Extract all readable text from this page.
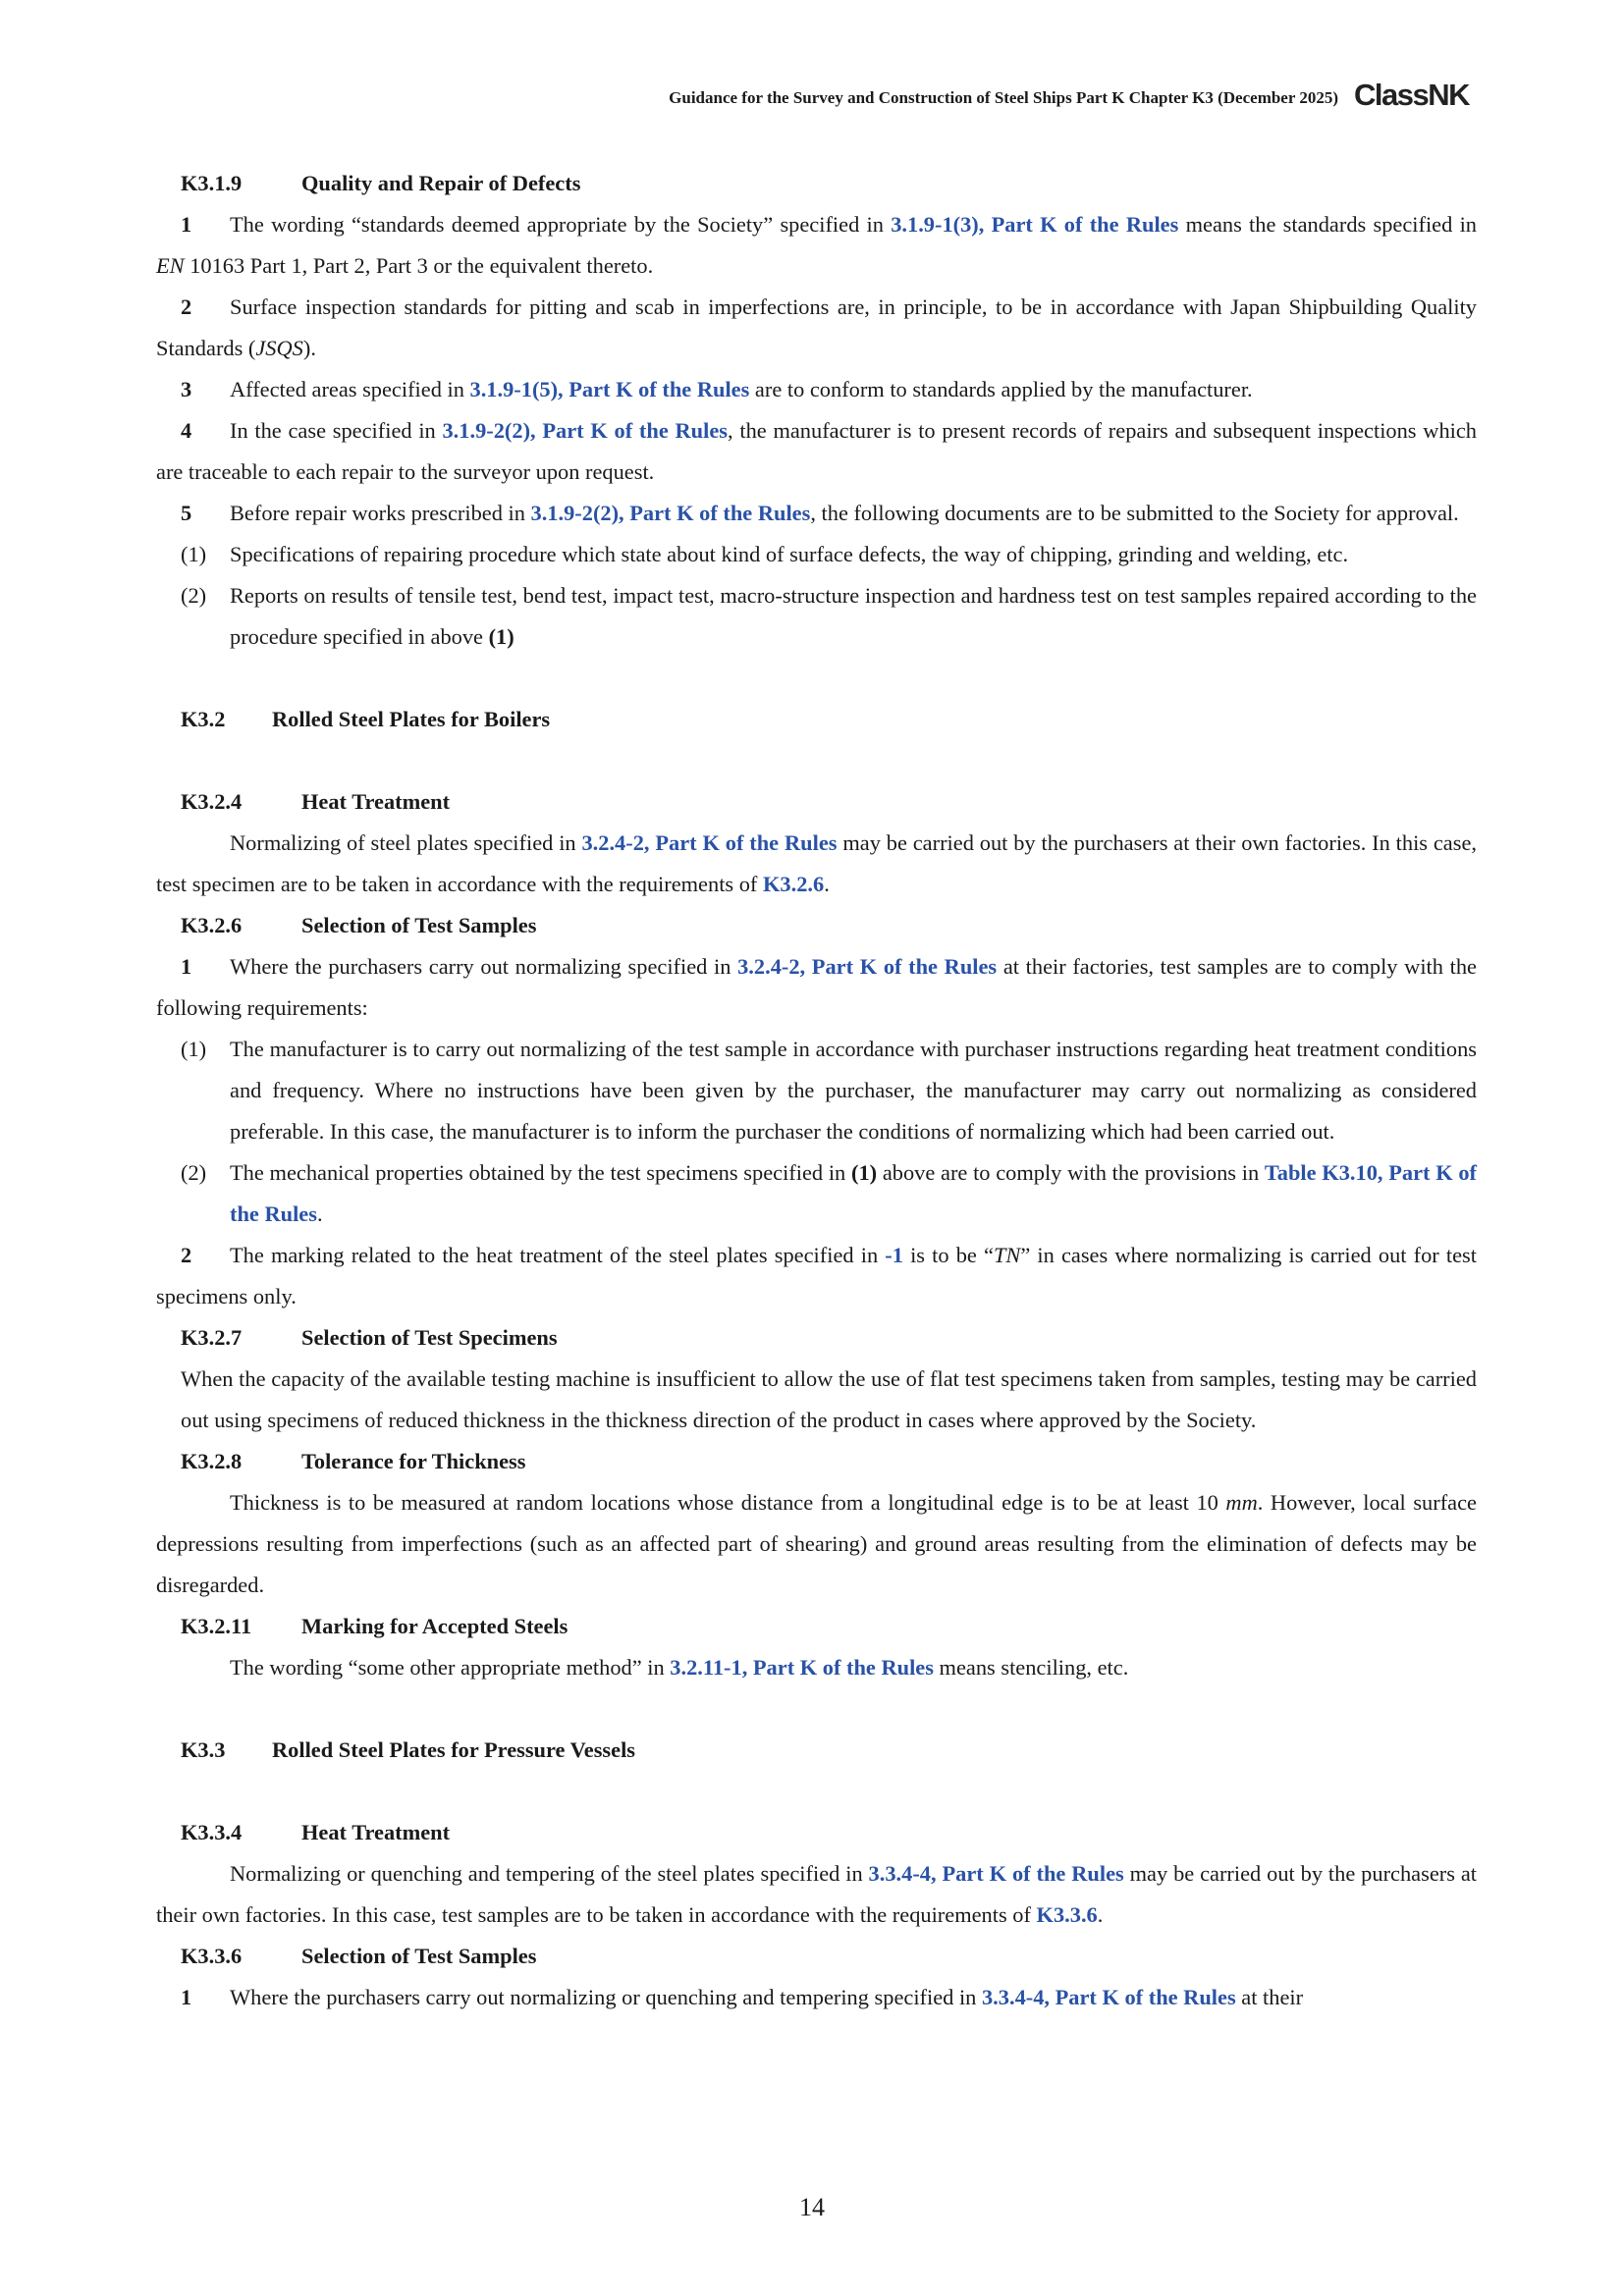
Guidance for the Survey and Construction of Steel Ships Part K Chapter K3 (December 2025) ClassNK

K3.1.9	Quality and Repair of Defects

1 The wording “standards deemed appropriate by the Society” specified in 3.1.9-1(3), Part K of the Rules means the standards specified in EN 10163 Part 1, Part 2, Part 3 or the equivalent thereto.

2 Surface inspection standards for pitting and scab in imperfections are, in principle, to be in accordance with Japan Shipbuilding Quality Standards (JSQS).

3 Affected areas specified in 3.1.9-1(5), Part K of the Rules are to conform to standards applied by the manufacturer.

4 In the case specified in 3.1.9-2(2), Part K of the Rules, the manufacturer is to present records of repairs and subsequent inspections which are traceable to each repair to the surveyor upon request.

5 Before repair works prescribed in 3.1.9-2(2), Part K of the Rules, the following documents are to be submitted to the Society for approval.

(1) Specifications of repairing procedure which state about kind of surface defects, the way of chipping, grinding and welding, etc.

(2) Reports on results of tensile test, bend test, impact test, macro-structure inspection and hardness test on test samples repaired according to the procedure specified in above (1)

K3.2 Rolled Steel Plates for Boilers

K3.2.4	Heat Treatment

Normalizing of steel plates specified in 3.2.4-2, Part K of the Rules may be carried out by the purchasers at their own factories. In this case, test specimen are to be taken in accordance with the requirements of K3.2.6.

K3.2.6	Selection of Test Samples

1 Where the purchasers carry out normalizing specified in 3.2.4-2, Part K of the Rules at their factories, test samples are to comply with the following requirements:

(1) The manufacturer is to carry out normalizing of the test sample in accordance with purchaser instructions regarding heat treatment conditions and frequency. Where no instructions have been given by the purchaser, the manufacturer may carry out normalizing as considered preferable. In this case, the manufacturer is to inform the purchaser the conditions of normalizing which had been carried out.

(2) The mechanical properties obtained by the test specimens specified in (1) above are to comply with the provisions in Table K3.10, Part K of the Rules.

2 The marking related to the heat treatment of the steel plates specified in -1 is to be “TN” in cases where normalizing is carried out for test specimens only.

K3.2.7	Selection of Test Specimens

When the capacity of the available testing machine is insufficient to allow the use of flat test specimens taken from samples, testing may be carried out using specimens of reduced thickness in the thickness direction of the product in cases where approved by the Society.

K3.2.8	Tolerance for Thickness

Thickness is to be measured at random locations whose distance from a longitudinal edge is to be at least 10 mm. However, local surface depressions resulting from imperfections (such as an affected part of shearing) and ground areas resulting from the elimination of defects may be disregarded.

K3.2.11 Marking for Accepted Steels

The wording “some other appropriate method” in 3.2.11-1, Part K of the Rules means stenciling, etc.

K3.3 Rolled Steel Plates for Pressure Vessels

K3.3.4	Heat Treatment

Normalizing or quenching and tempering of the steel plates specified in 3.3.4-4, Part K of the Rules may be carried out by the purchasers at their own factories. In this case, test samples are to be taken in accordance with the requirements of K3.3.6.

K3.3.6	Selection of Test Samples

1 Where the purchasers carry out normalizing or quenching and tempering specified in 3.3.4-4, Part K of the Rules at their

14
